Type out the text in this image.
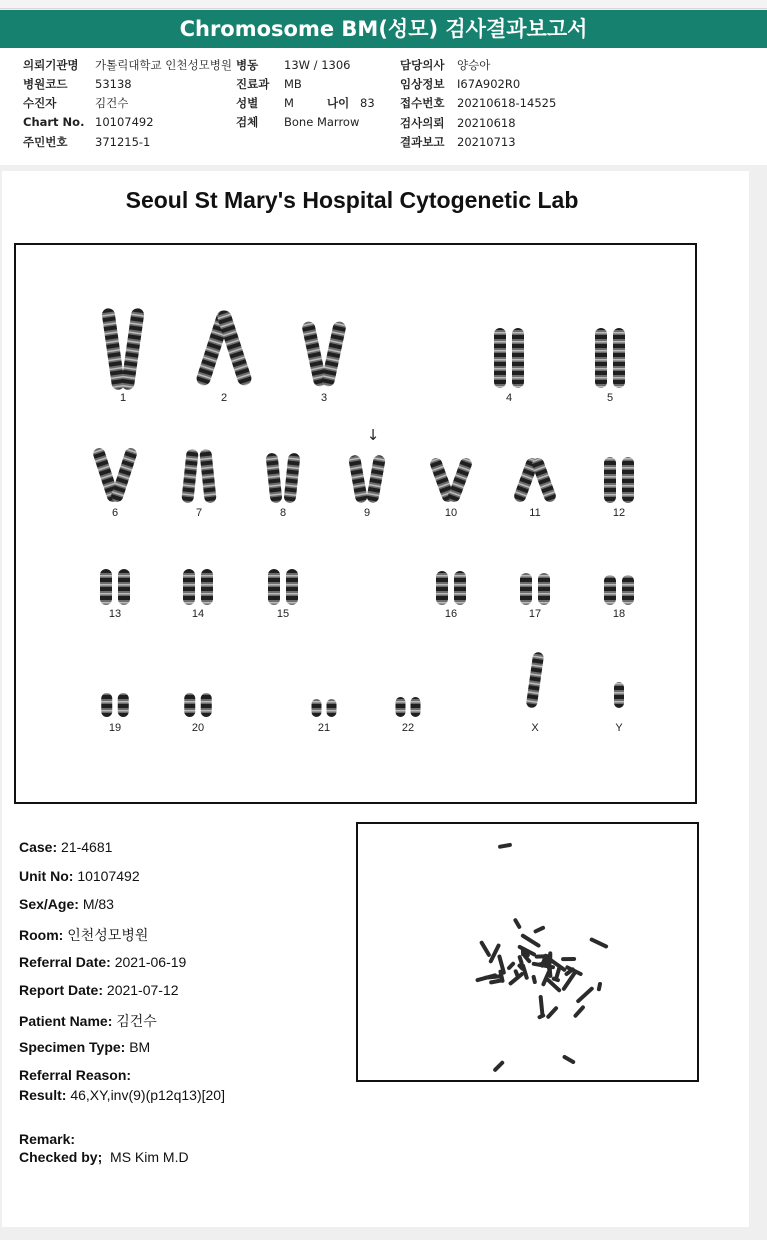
Chromosome BM(성모) 검사결과보고서
의뢰기관명 가톨릭대학교 인천성모병원
병원코드 53138
수진자	김건수
Chart No. 10107492
주민번호 371215-1
병동 13W / 1306
진료과 MB
성별 M	나이 83
검체 Bone Marrow
담당의사 양승아
임상정보 I67A902R0
접수번호 20210618-14525
검사의뢰 20210618
결과보고 20210713
Seoul St Mary's Hospital Cytogenetic Lab
↓
1	2	3	4	5
6	7	8	9	10	11	12
13	14	15	16	17	18
19	20	21	22	X	Y
Case: 21-4681
Unit No: 10107492
Sex/Age: M/83
Room: 인천성모병원
Referral Date: 2021-06-19
Report Date: 2021-07-12
Patient Name: 김건수
Specimen Type: BM
Referral Reason:
Result: 46,XY,inv(9)(p12q13)[20]
Remark:
Checked by; MS Kim M.D
